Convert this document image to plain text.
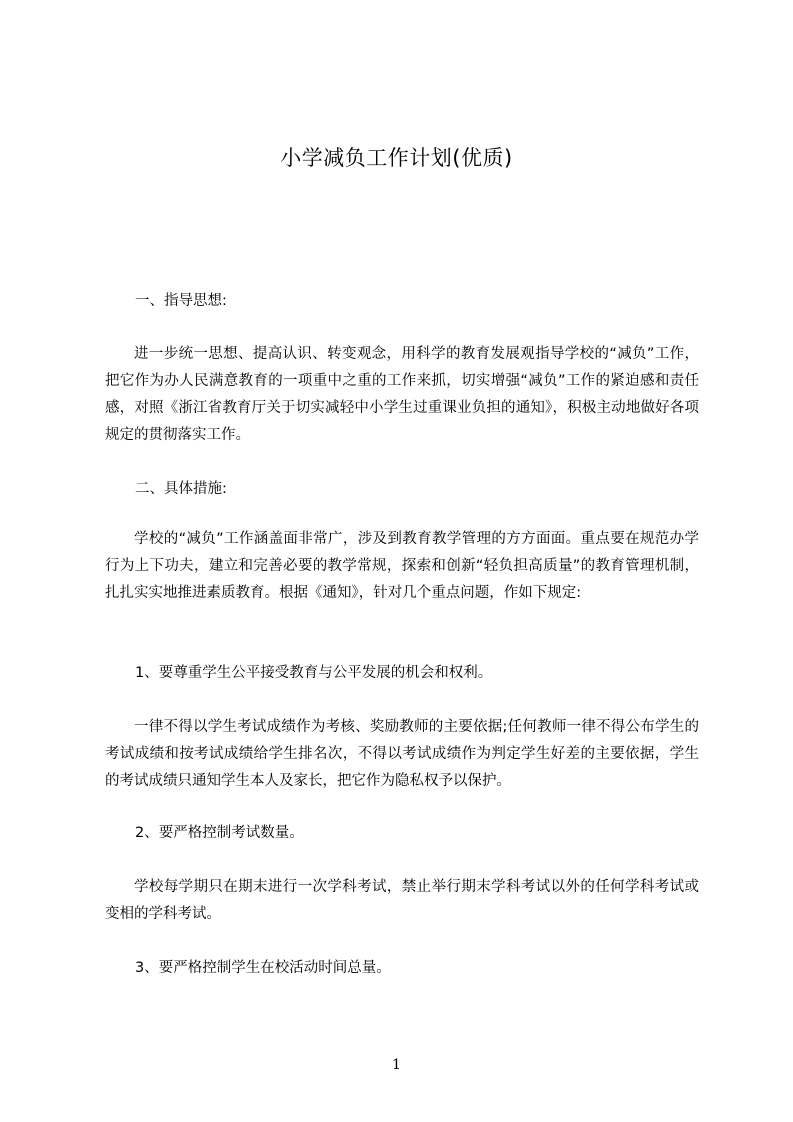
小学减负工作计划(优质)
一、指导思想:
进一步统一思想、提高认识、转变观念，用科学的教育发展观指导学校的“减负”工作，把它作为办人民满意教育的一项重中之重的工作来抓，切实增强“减负”工作的紧迫感和责任感，对照《浙江省教育厅关于切实减轻中小学生过重课业负担的通知》，积极主动地做好各项规定的贯彻落实工作。
二、具体措施:
学校的“减负”工作涵盖面非常广，涉及到教育教学管理的方方面面。重点要在规范办学行为上下功夫，建立和完善必要的教学常规，探索和创新“轻负担高质量”的教育管理机制，扎扎实实地推进素质教育。根据《通知》，针对几个重点问题，作如下规定:
1、要尊重学生公平接受教育与公平发展的机会和权利。
一律不得以学生考试成绩作为考核、奖励教师的主要依据;任何教师一律不得公布学生的考试成绩和按考试成绩给学生排名次，不得以考试成绩作为判定学生好差的主要依据，学生的考试成绩只通知学生本人及家长，把它作为隐私权予以保护。
2、要严格控制考试数量。
学校每学期只在期末进行一次学科考试，禁止举行期末学科考试以外的任何学科考试或变相的学科考试。
3、要严格控制学生在校活动时间总量。
1
